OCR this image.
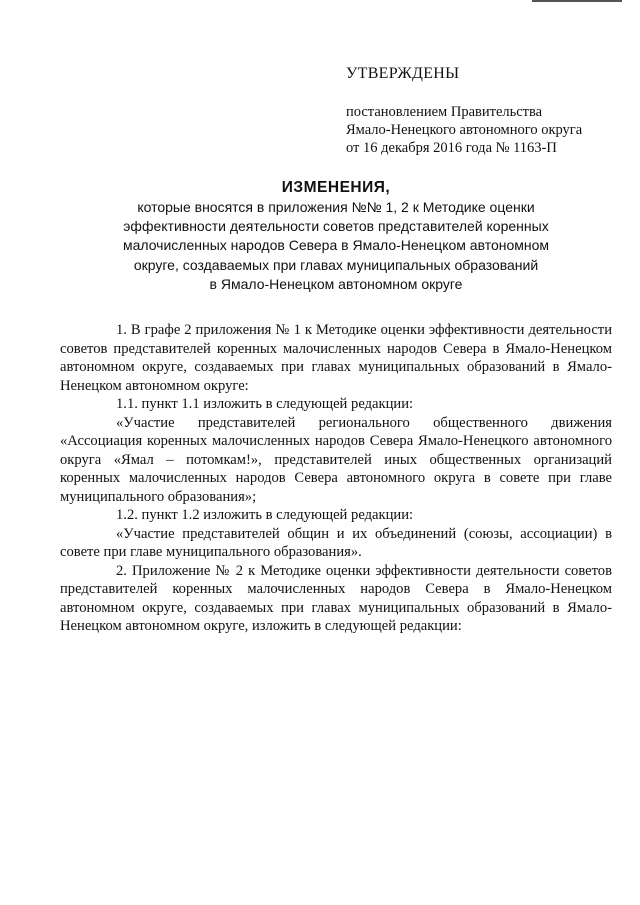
УТВЕРЖДЕНЫ
постановлением Правительства
Ямало-Ненецкого автономного округа
от 16 декабря 2016 года № 1163-П
ИЗМЕНЕНИЯ,
которые вносятся в приложения №№ 1, 2 к Методике оценки
эффективности деятельности советов представителей коренных
малочисленных народов Севера в Ямало-Ненецком автономном
округе, создаваемых при главах муниципальных образований
в Ямало-Ненецком автономном округе

1. В графе 2 приложения № 1 к Методике оценки эффективности деятельности советов представителей коренных малочисленных народов Севера в Ямало-Ненецком автономном округе, создаваемых при главах муниципальных образований в Ямало-Ненецком автономном округе:

1.1. пункт 1.1 изложить в следующей редакции:

«Участие представителей регионального общественного движения «Ассоциация коренных малочисленных народов Севера Ямало-Ненецкого автономного округа «Ямал – потомкам!», представителей иных общественных организаций коренных малочисленных народов Севера автономного округа в совете при главе муниципального образования»;

1.2. пункт 1.2 изложить в следующей редакции:

«Участие представителей общин и их объединений (союзы, ассоциации) в совете при главе муниципального образования».

2. Приложение № 2 к Методике оценки эффективности деятельности советов представителей коренных малочисленных народов Севера в Ямало-Ненецком автономном округе, создаваемых при главах муниципальных образований в Ямало-Ненецком автономном округе, изложить в следующей редакции:
